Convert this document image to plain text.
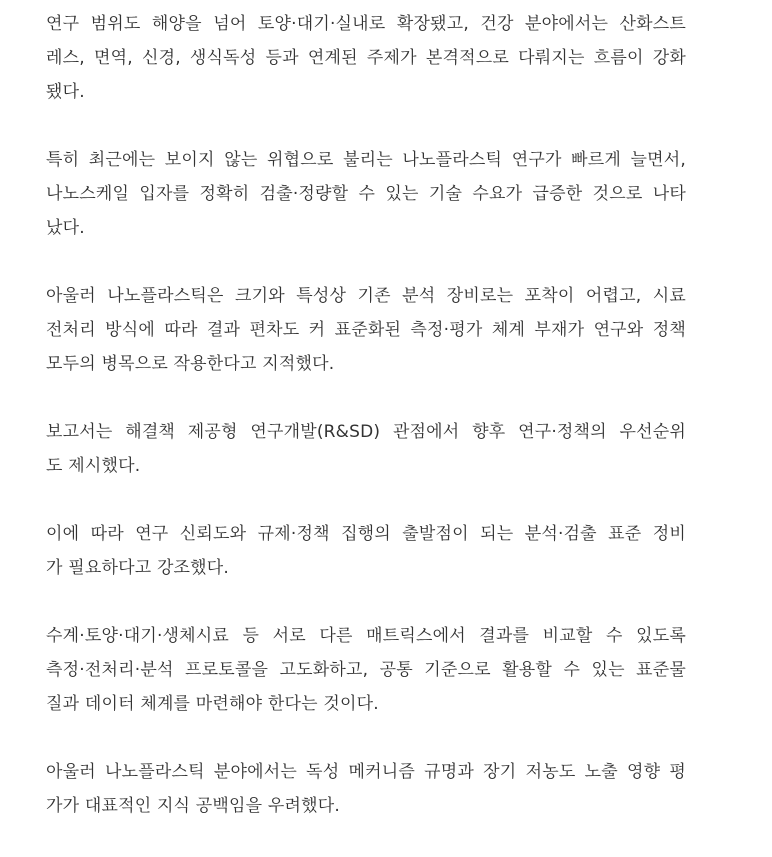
연구 범위도 해양을 넘어 토양·대기·실내로 확장됐고, 건강 분야에서는 산화스트
레스, 면역, 신경, 생식독성 등과 연계된 주제가 본격적으로 다뤄지는 흐름이 강화
됐다.

특히 최근에는 보이지 않는 위협으로 불리는 나노플라스틱 연구가 빠르게 늘면서,
나노스케일 입자를 정확히 검출·정량할 수 있는 기술 수요가 급증한 것으로 나타
났다.

아울러 나노플라스틱은 크기와 특성상 기존 분석 장비로는 포착이 어렵고, 시료
전처리 방식에 따라 결과 편차도 커 표준화된 측정·평가 체계 부재가 연구와 정책
모두의 병목으로 작용한다고 지적했다.

보고서는 해결책 제공형 연구개발(R&SD) 관점에서 향후 연구·정책의 우선순위
도 제시했다.

이에 따라 연구 신뢰도와 규제·정책 집행의 출발점이 되는 분석·검출 표준 정비
가 필요하다고 강조했다.

수계·토양·대기·생체시료 등 서로 다른 매트릭스에서 결과를 비교할 수 있도록
측정·전처리·분석 프로토콜을 고도화하고, 공통 기준으로 활용할 수 있는 표준물
질과 데이터 체계를 마련해야 한다는 것이다.

아울러 나노플라스틱 분야에서는 독성 메커니즘 규명과 장기 저농도 노출 영향 평
가가 대표적인 지식 공백임을 우려했다.
